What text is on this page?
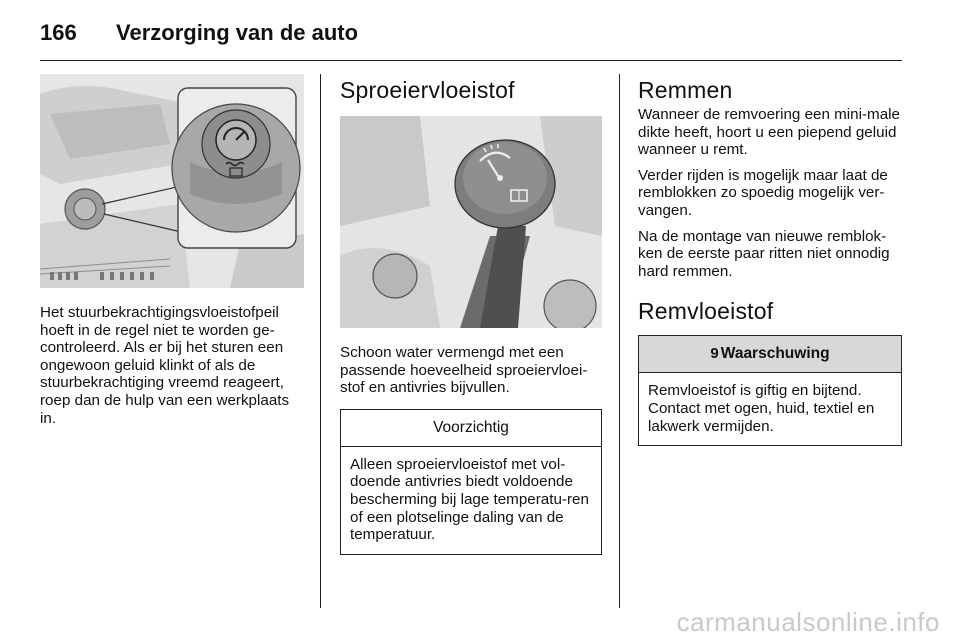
166 Verzorging van de auto

Het stuurbekrachtigingsvloeistofpeil hoeft in de regel niet te worden ge-controleerd. Als er bij het sturen een ongewoon geluid klinkt of als de stuurbekrachtiging vreemd reageert, roep dan de hulp van een werkplaats in.

Sproeiervloeistof

Schoon water vermengd met een passende hoeveelheid sproeiervloei-stof en antivries bijvullen.

Voorzichtig
Alleen sproeiervloeistof met vol-doende antivries biedt voldoende bescherming bij lage temperatu-ren of een plotselinge daling van de temperatuur.
Remmen

Wanneer de remvoering een mini-male dikte heeft, hoort u een piepend geluid wanneer u remt.

Verder rijden is mogelijk maar laat de remblokken zo spoedig mogelijk ver-vangen.

Na de montage van nieuwe remblok-ken de eerste paar ritten niet onnodig hard remmen.

Remvloeistof
9 Waarschuwing
Remvloeistof is giftig en bijtend. Contact met ogen, huid, textiel en lakwerk vermijden.
carmanualsonline.info
